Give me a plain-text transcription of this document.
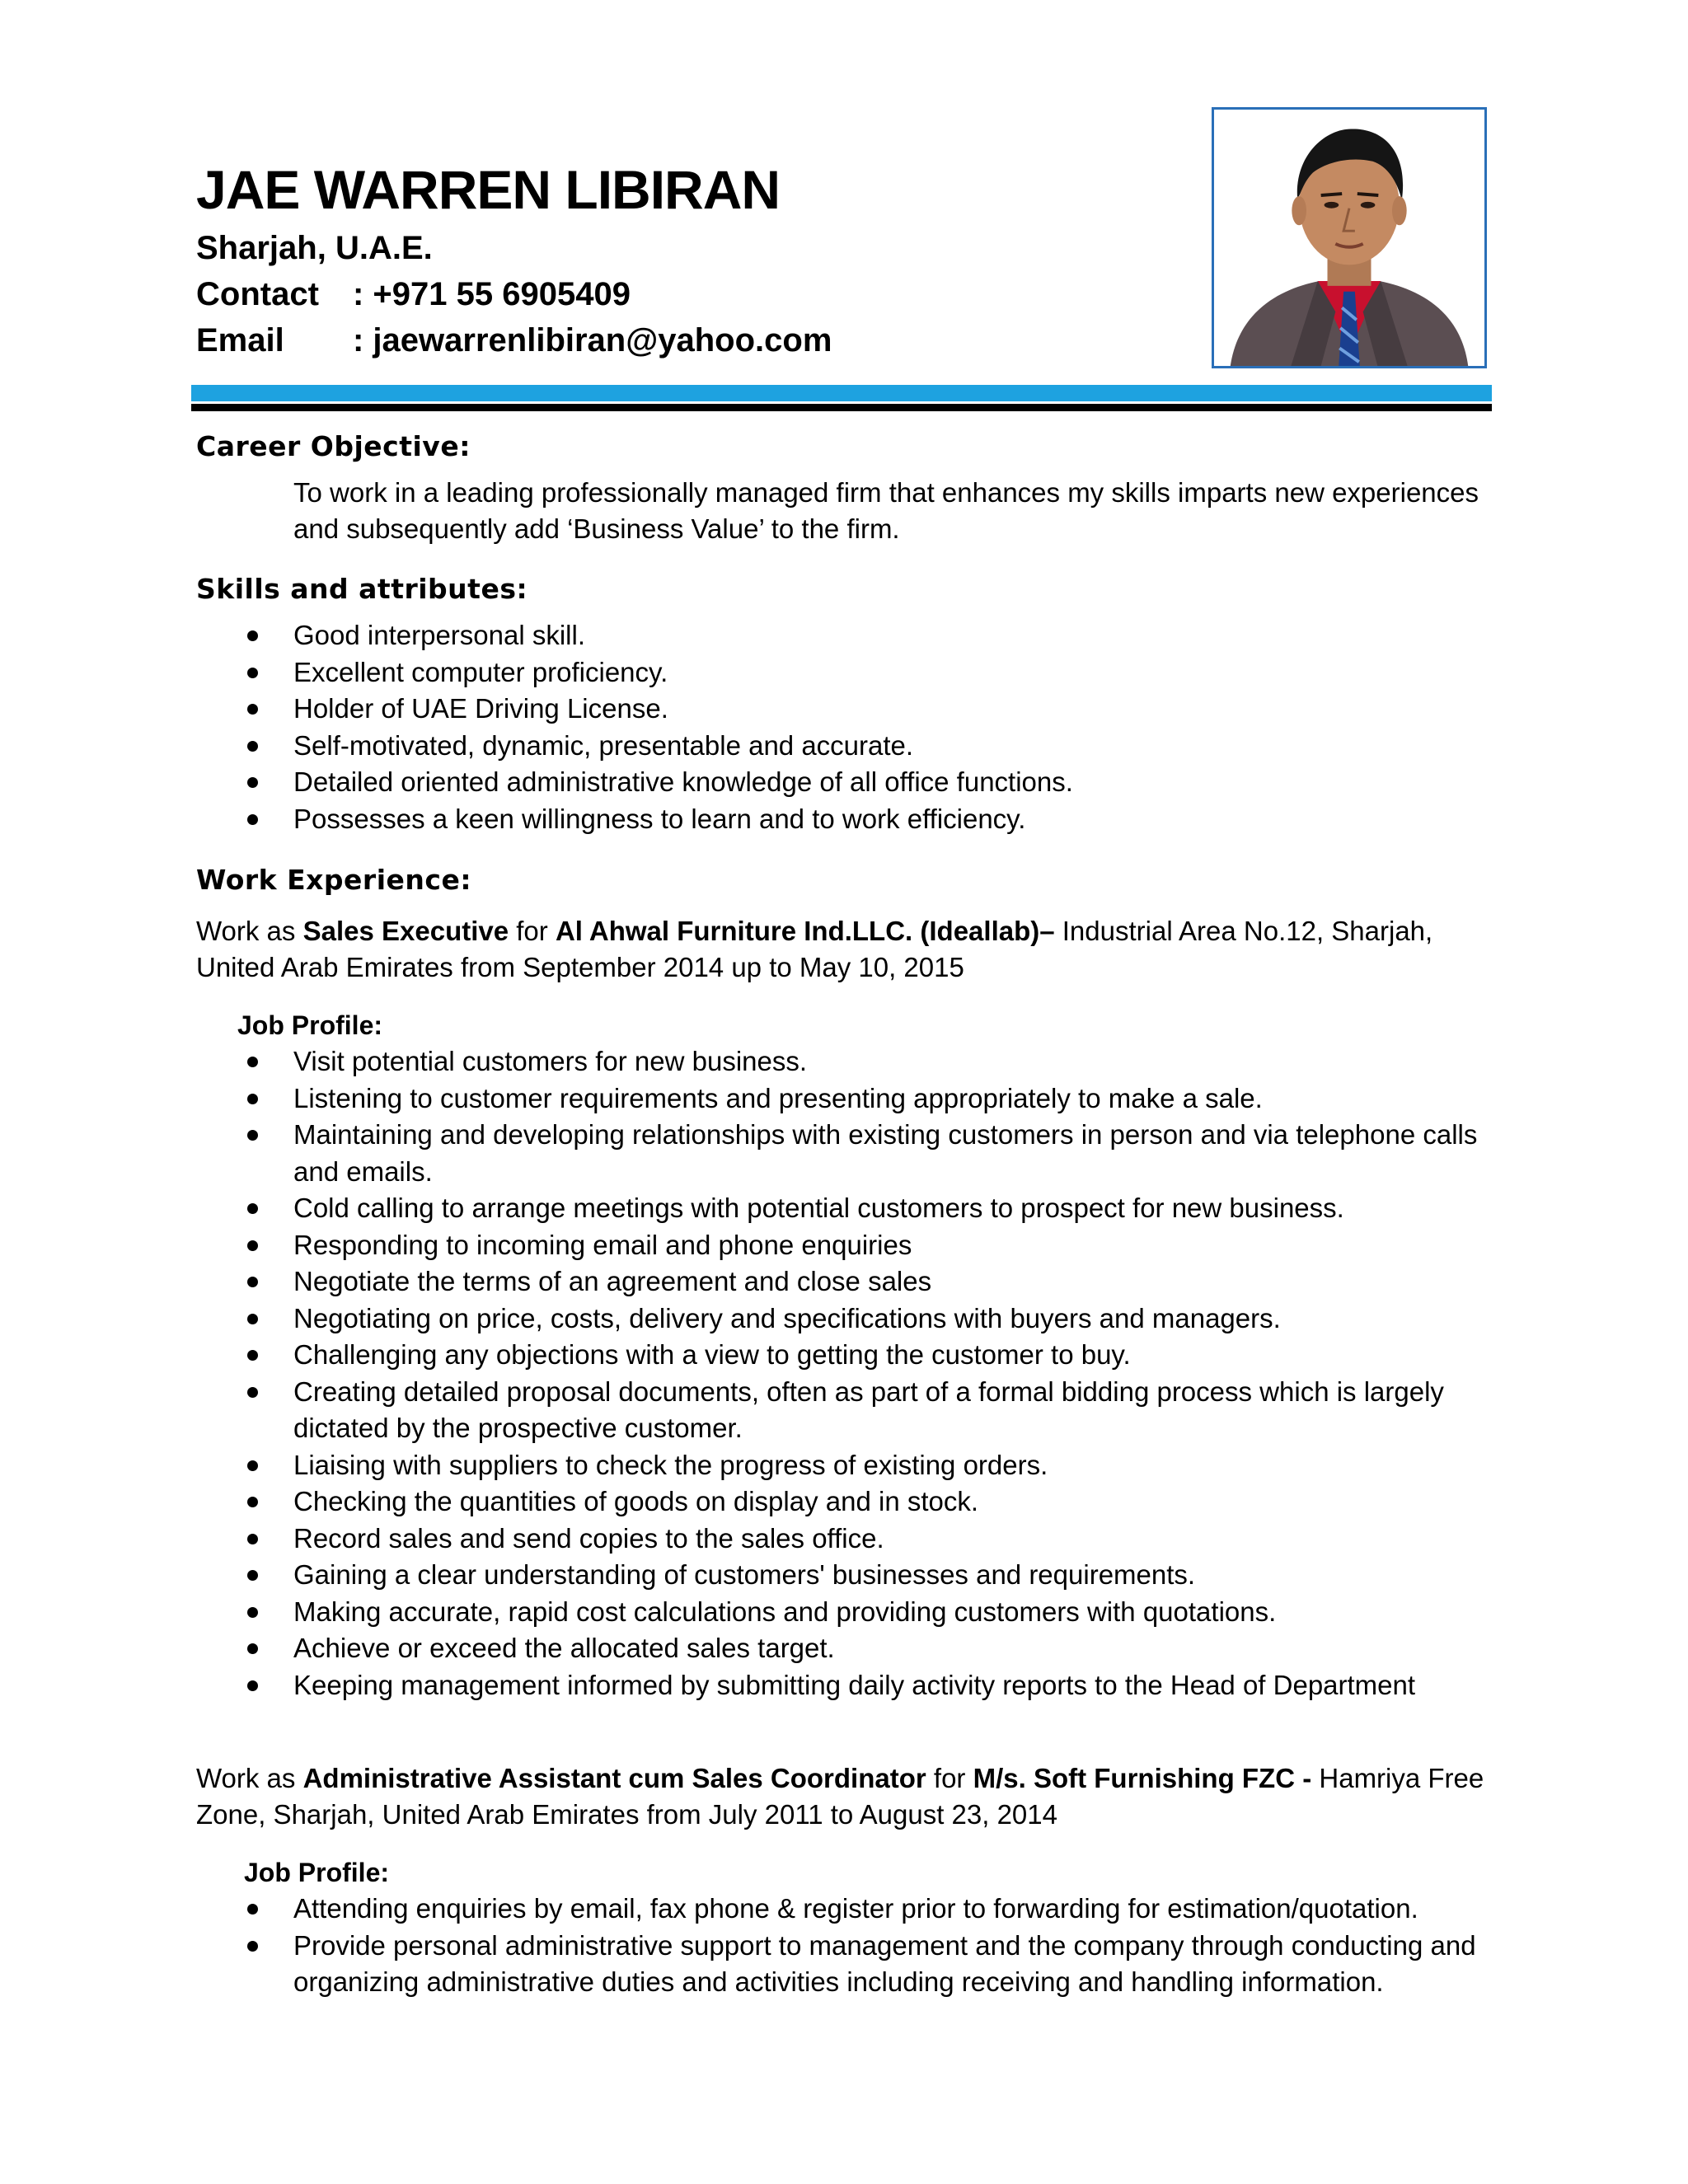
JAE WARREN LIBIRAN
Sharjah, U.A.E.
Contact : +971 55 6905409
Email : jaewarrenlibiran@yahoo.com
Career Objective:
To work in a leading professionally managed firm that enhances my skills imparts new experiences and subsequently add ‘Business Value’ to the firm.
Skills and attributes:
Good interpersonal skill.
Excellent computer proficiency.
Holder of UAE Driving License.
Self-motivated, dynamic, presentable and accurate.
Detailed oriented administrative knowledge of all office functions.
Possesses a keen willingness to learn and to work efficiency.
Work Experience:
Work as Sales Executive for Al Ahwal Furniture Ind.LLC. (Ideallab)– Industrial Area No.12, Sharjah, United Arab Emirates from September 2014 up to May 10, 2015
Job Profile:
Visit potential customers for new business.
Listening to customer requirements and presenting appropriately to make a sale.
Maintaining and developing relationships with existing customers in person and via telephone calls and emails.
Cold calling to arrange meetings with potential customers to prospect for new business.
Responding to incoming email and phone enquiries
Negotiate the terms of an agreement and close sales
Negotiating on price, costs, delivery and specifications with buyers and managers.
Challenging any objections with a view to getting the customer to buy.
Creating detailed proposal documents, often as part of a formal bidding process which is largely dictated by the prospective customer.
Liaising with suppliers to check the progress of existing orders.
Checking the quantities of goods on display and in stock.
Record sales and send copies to the sales office.
Gaining a clear understanding of customers' businesses and requirements.
Making accurate, rapid cost calculations and providing customers with quotations.
Achieve or exceed the allocated sales target.
Keeping management informed by submitting daily activity reports to the Head of Department
Work as Administrative Assistant cum Sales Coordinator for M/s. Soft Furnishing FZC - Hamriya Free Zone, Sharjah, United Arab Emirates from July 2011 to August 23, 2014
Job Profile:
Attending enquiries by email, fax phone & register prior to forwarding for estimation/quotation.
Provide personal administrative support to management and the company through conducting and organizing administrative duties and activities including receiving and handling information.
